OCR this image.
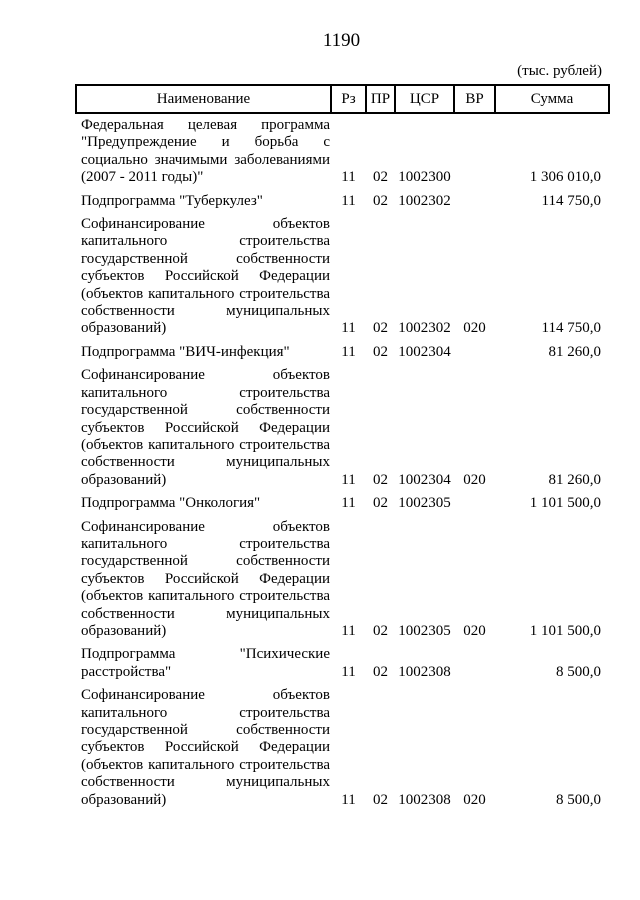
1190
(тыс. рублей)
Наименование	Рз	ПР	ЦСР	ВР	Сумма
Федеральная целевая программа "Предупреждение и борьба с социально значимыми заболеваниями (2007 - 2011 годы)"	11	02	1002300		1 306 010,0
Подпрограмма "Туберкулез"	11	02	1002302		114 750,0
Софинансирование объектов капитального строительства государственной собственности субъектов Российской Федерации (объектов капитального строительства собственности муниципальных образований)	11	02	1002302	020	114 750,0
Подпрограмма "ВИЧ-инфекция"	11	02	1002304		81 260,0
Софинансирование объектов капитального строительства государственной собственности субъектов Российской Федерации (объектов капитального строительства собственности муниципальных образований)	11	02	1002304	020	81 260,0
Подпрограмма "Онкология"	11	02	1002305		1 101 500,0
Софинансирование объектов капитального строительства государственной собственности субъектов Российской Федерации (объектов капитального строительства собственности муниципальных образований)	11	02	1002305	020	1 101 500,0
Подпрограмма "Психические расстройства"	11	02	1002308		8 500,0
Софинансирование объектов капитального строительства государственной собственности субъектов Российской Федерации (объектов капитального строительства собственности муниципальных образований)	11	02	1002308	020	8 500,0
